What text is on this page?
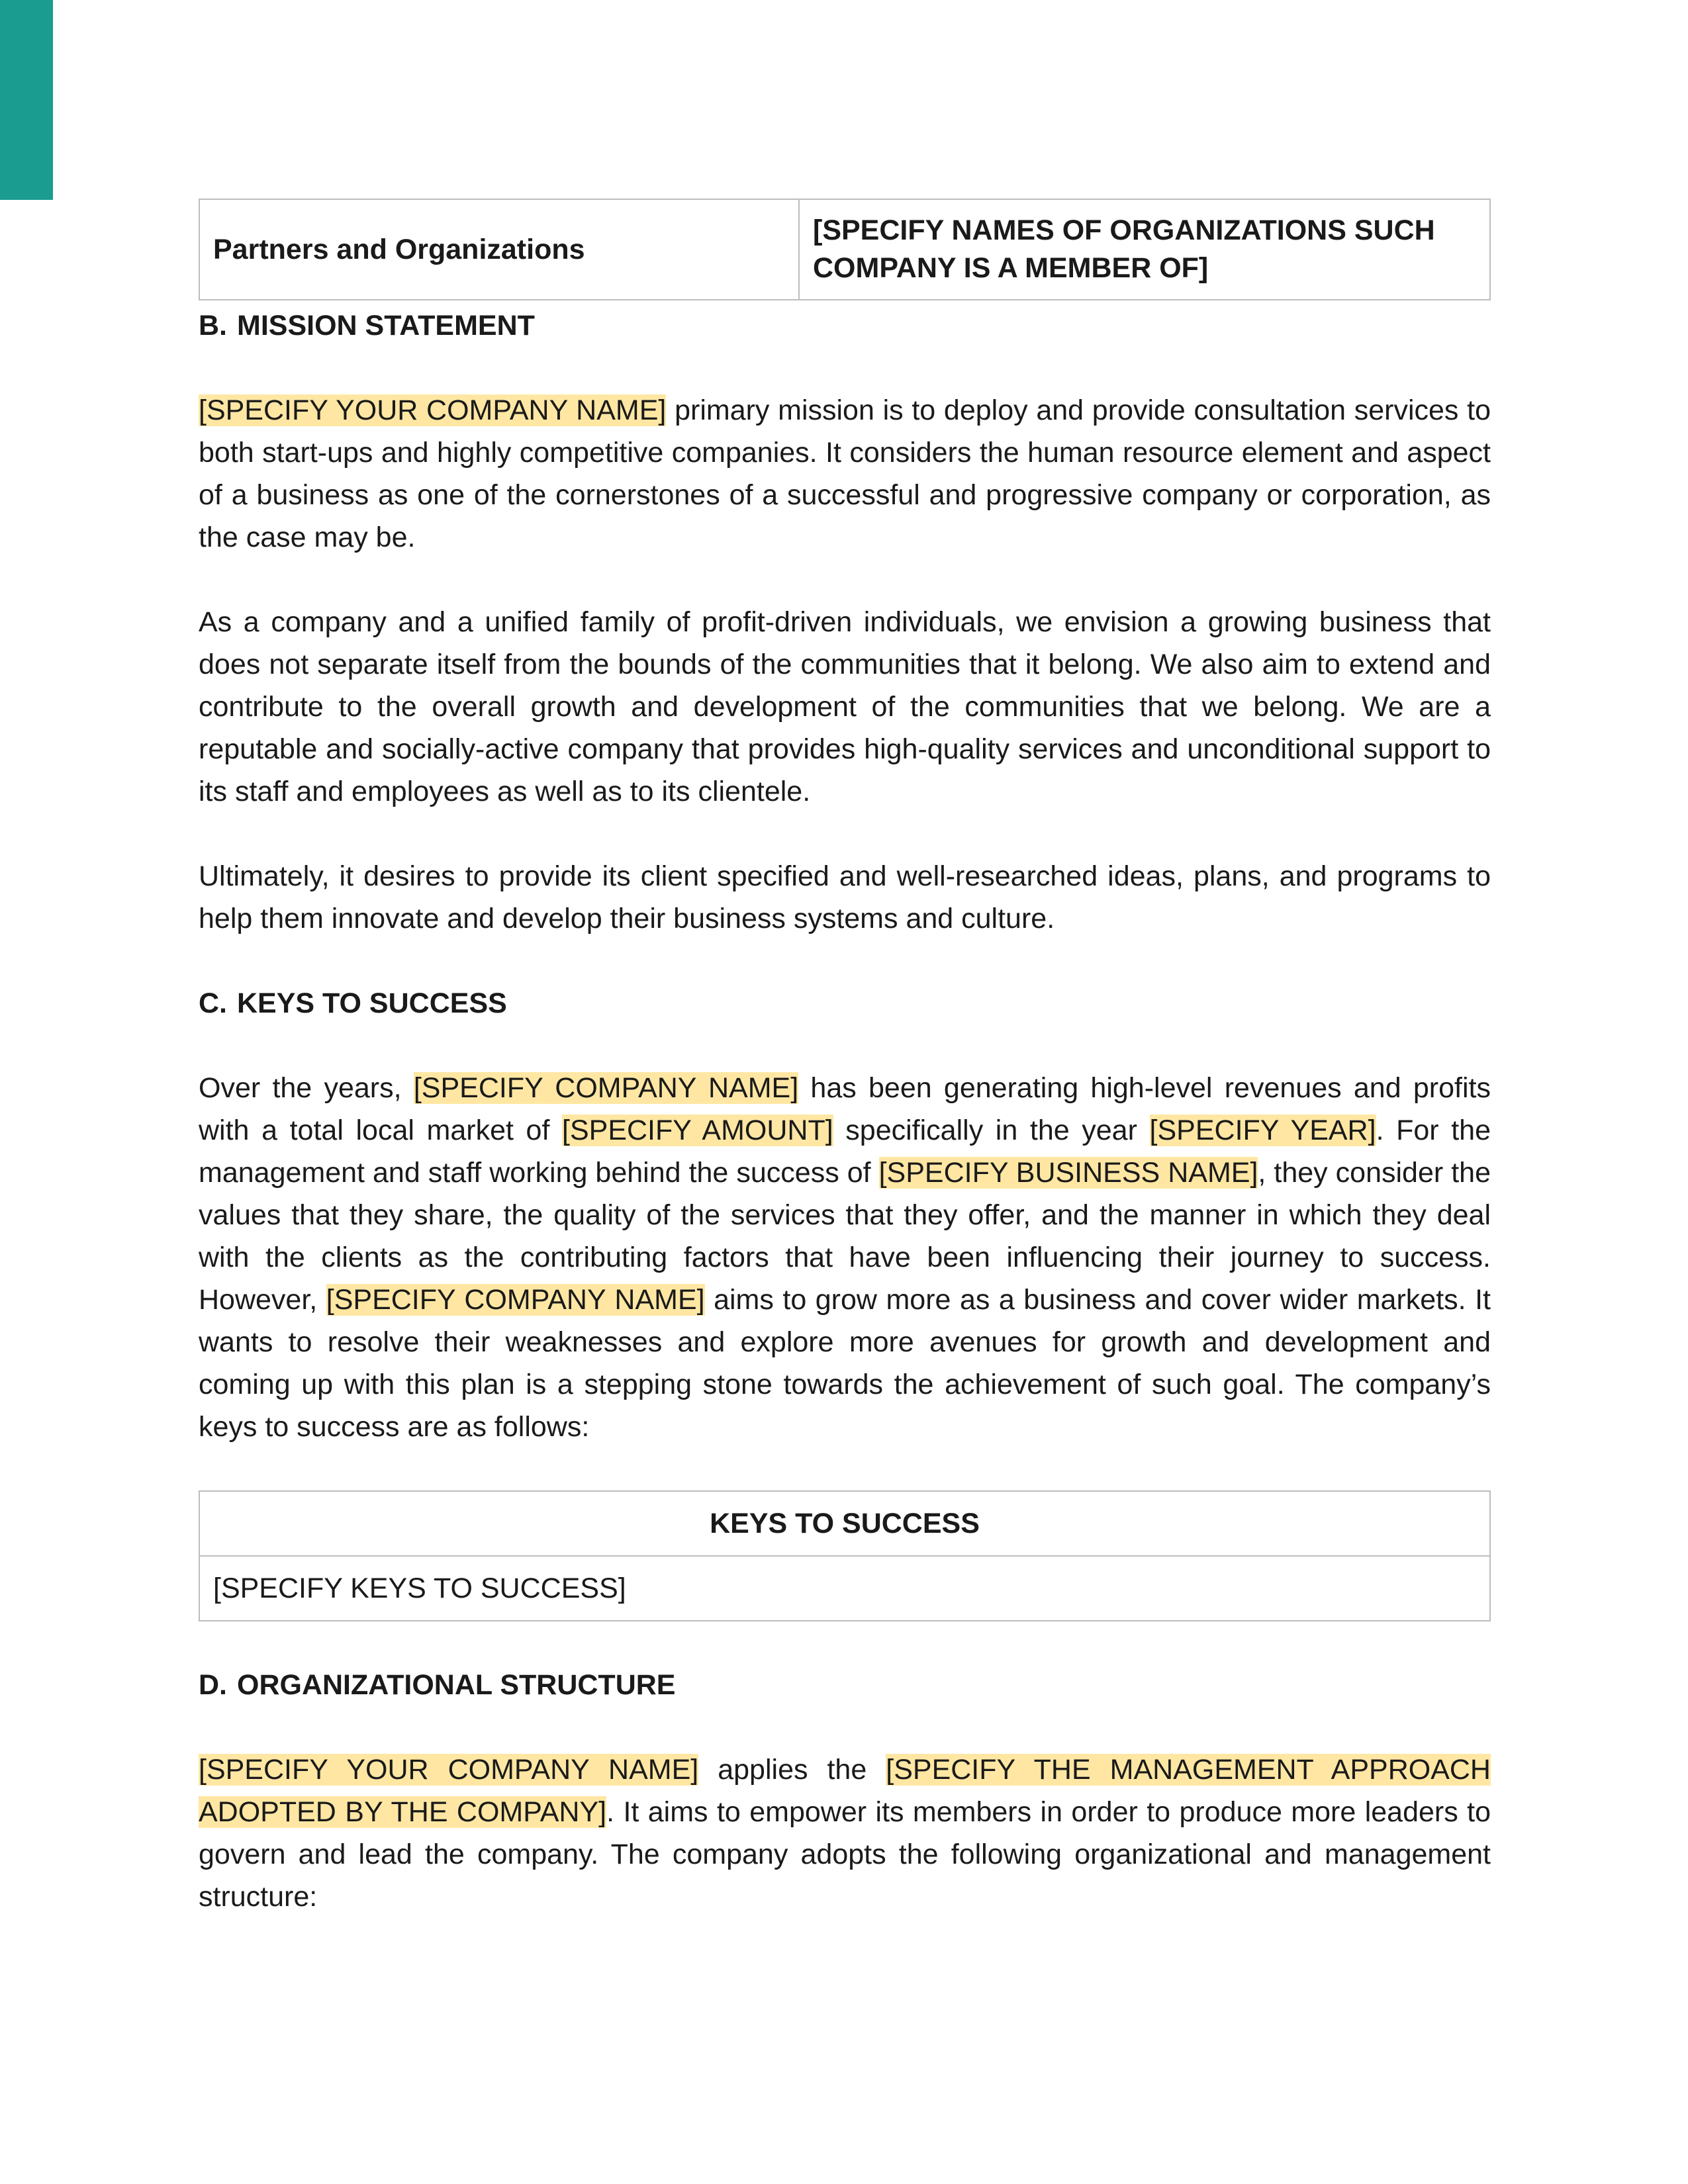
Partners and Organizations	[SPECIFY NAMES OF ORGANIZATIONS SUCH COMPANY IS A MEMBER OF]
B. MISSION STATEMENT

[SPECIFY YOUR COMPANY NAME] primary mission is to deploy and provide consultation services to both start-ups and highly competitive companies. It considers the human resource element and aspect of a business as one of the cornerstones of a successful and progressive company or corporation, as the case may be.

As a company and a unified family of profit-driven individuals, we envision a growing business that does not separate itself from the bounds of the communities that it belong. We also aim to extend and contribute to the overall growth and development of the communities that we belong. We are a reputable and socially-active company that provides high-quality services and unconditional support to its staff and employees as well as to its clientele.

Ultimately, it desires to provide its client specified and well-researched ideas, plans, and programs to help them innovate and develop their business systems and culture.

C. KEYS TO SUCCESS

Over the years, [SPECIFY COMPANY NAME] has been generating high-level revenues and profits with a total local market of [SPECIFY AMOUNT] specifically in the year [SPECIFY YEAR]. For the management and staff working behind the success of [SPECIFY BUSINESS NAME], they consider the values that they share, the quality of the services that they offer, and the manner in which they deal with the clients as the contributing factors that have been influencing their journey to success. However, [SPECIFY COMPANY NAME] aims to grow more as a business and cover wider markets. It wants to resolve their weaknesses and explore more avenues for growth and development and coming up with this plan is a stepping stone towards the achievement of such goal. The company’s keys to success are as follows:

KEYS TO SUCCESS
[SPECIFY KEYS TO SUCCESS]
D. ORGANIZATIONAL STRUCTURE

[SPECIFY YOUR COMPANY NAME] applies the [SPECIFY THE MANAGEMENT APPROACH ADOPTED BY THE COMPANY]. It aims to empower its members in order to produce more leaders to govern and lead the company. The company adopts the following organizational and management structure:
